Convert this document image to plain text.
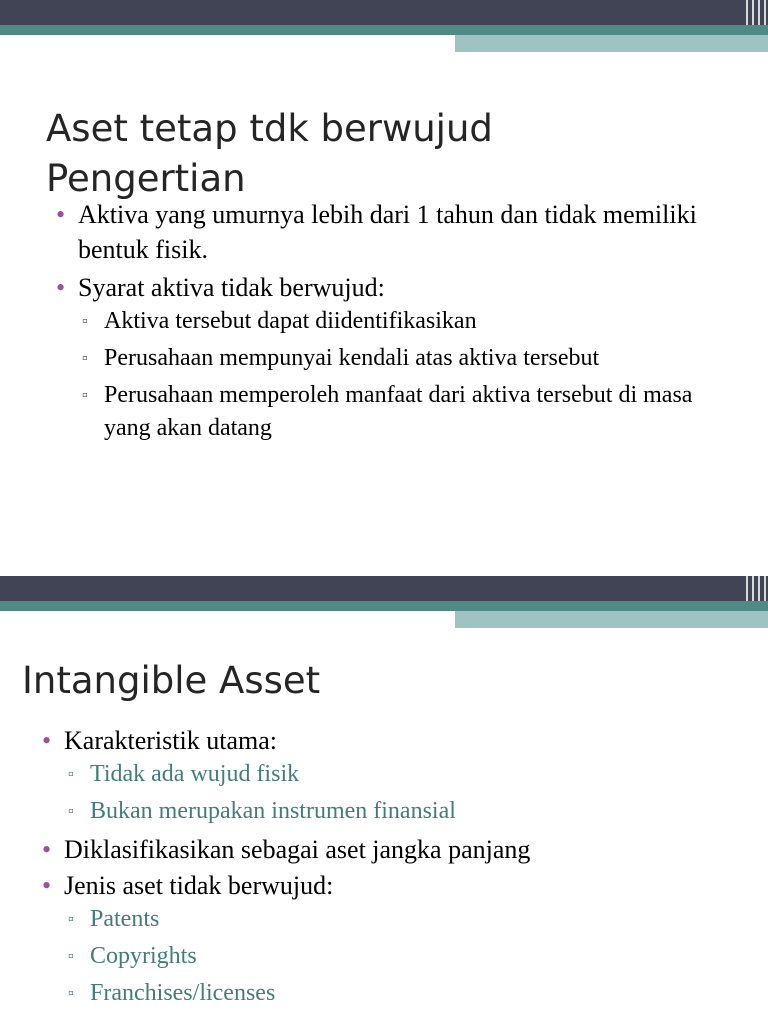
Aset tetap tdk berwujud
Pengertian
• Aktiva yang umurnya lebih dari 1 tahun dan tidak memiliki bentuk fisik.
• Syarat aktiva tidak berwujud:
▫ Aktiva tersebut dapat diidentifikasikan
▫ Perusahaan mempunyai kendali atas aktiva tersebut
▫ Perusahaan memperoleh manfaat dari aktiva tersebut di masa yang akan datang
Intangible Asset
• Karakteristik utama:
▫ Tidak ada wujud fisik
▫ Bukan merupakan instrumen finansial
• Diklasifikasikan sebagai aset jangka panjang
• Jenis aset tidak berwujud:
▫ Patents
▫ Copyrights
▫ Franchises/licenses
